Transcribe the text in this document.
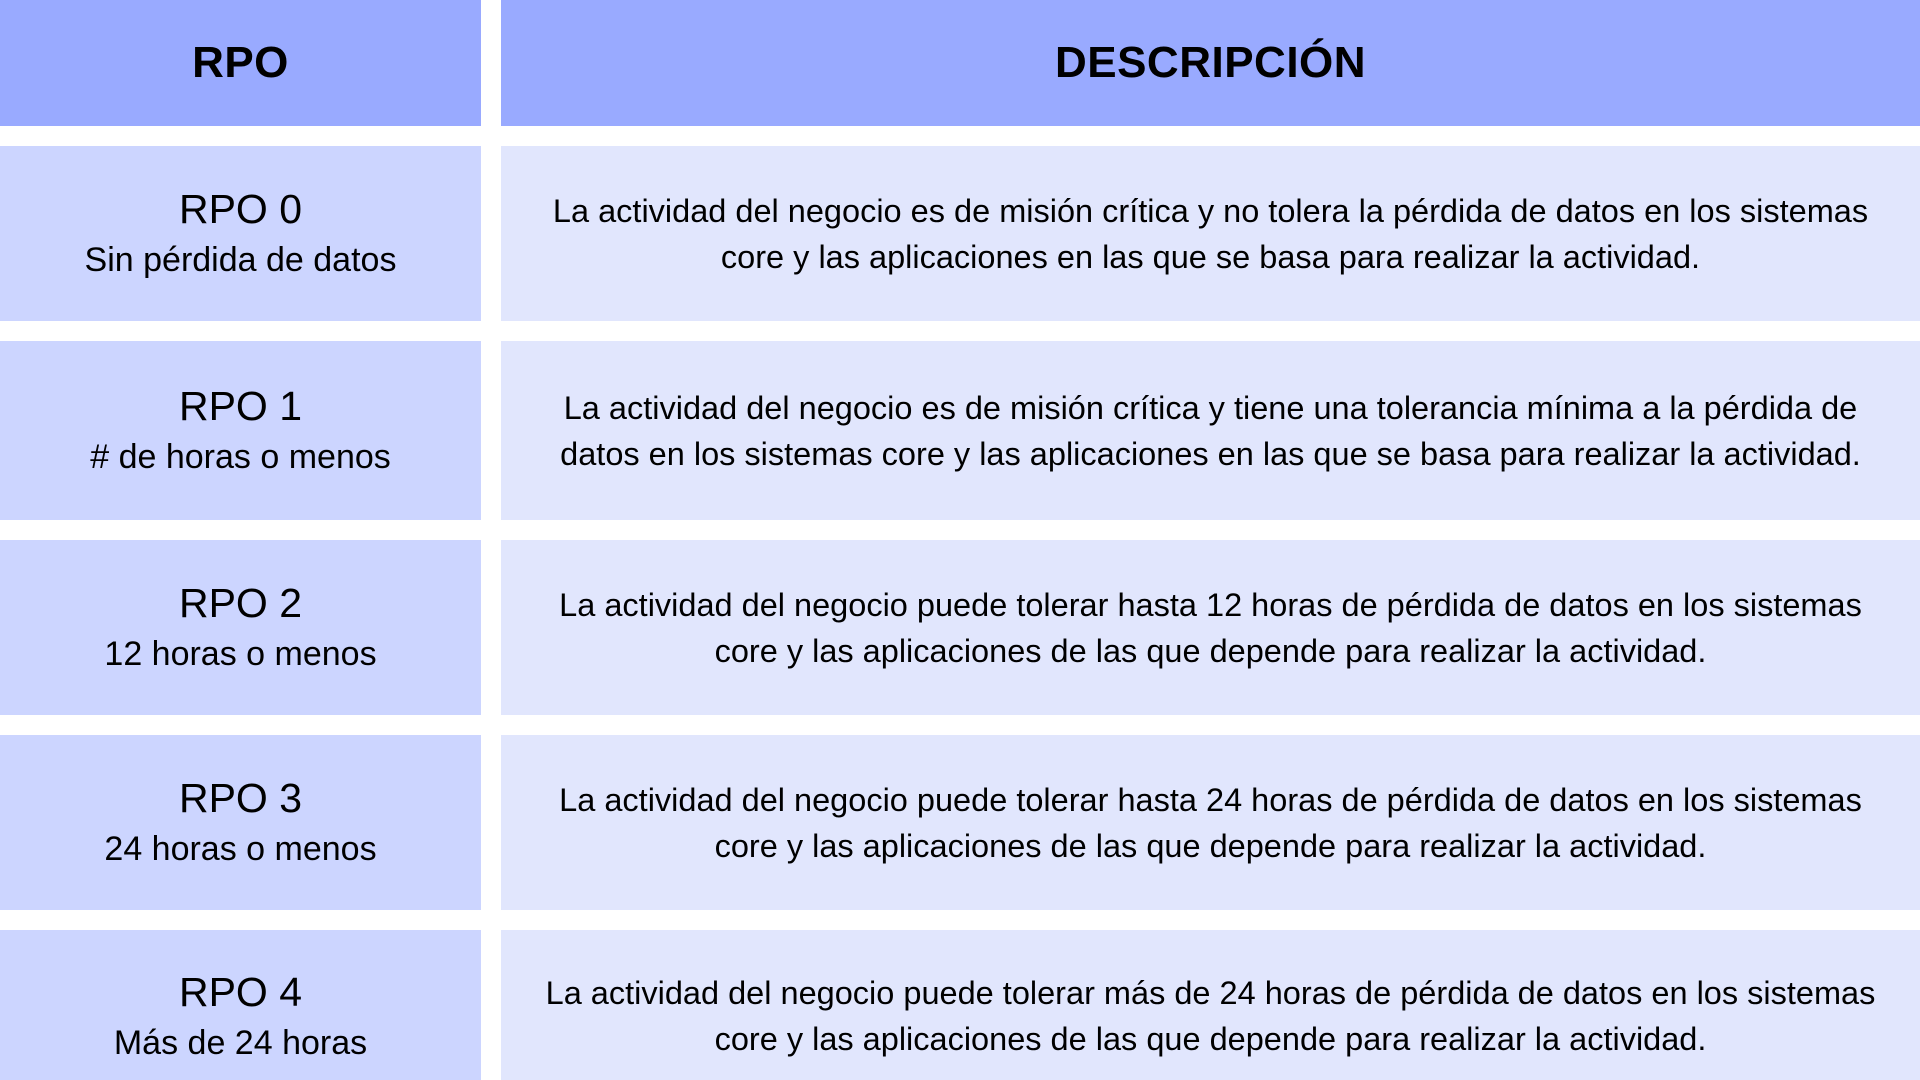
RPO	DESCRIPCIÓN
RPO 0
Sin pérdida de datos
La actividad del negocio es de misión crítica y no tolera la pérdida de datos en los sistemas
core y las aplicaciones en las que se basa para realizar la actividad.
RPO 1
# de horas o menos
La actividad del negocio es de misión crítica y tiene una tolerancia mínima a la pérdida de
datos en los sistemas core y las aplicaciones en las que se basa para realizar la actividad.
RPO 2
12 horas o menos
La actividad del negocio puede tolerar hasta 12 horas de pérdida de datos en los sistemas
core y las aplicaciones de las que depende para realizar la actividad.
RPO 3
24 horas o menos
La actividad del negocio puede tolerar hasta 24 horas de pérdida de datos en los sistemas
core y las aplicaciones de las que depende para realizar la actividad.
RPO 4
Más de 24 horas
La actividad del negocio puede tolerar más de 24 horas de pérdida de datos en los sistemas
core y las aplicaciones de las que depende para realizar la actividad.
